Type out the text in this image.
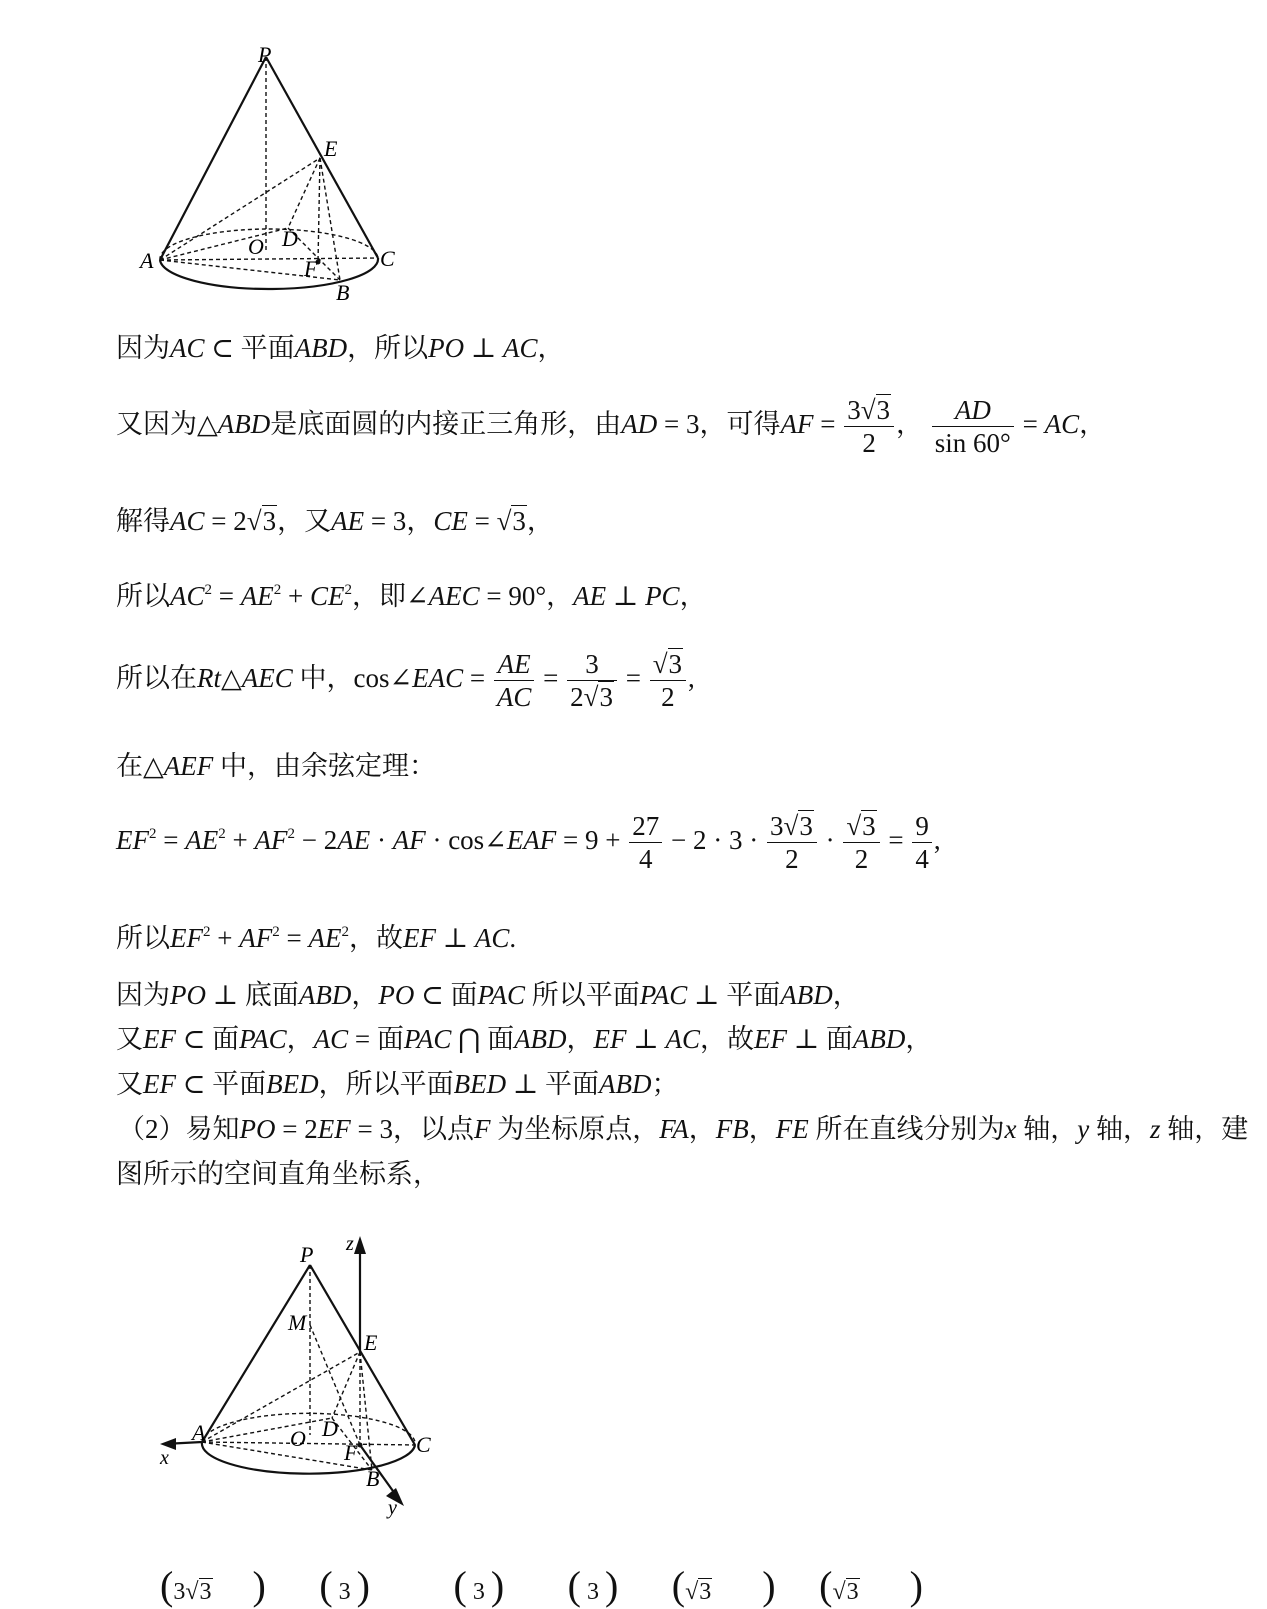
P
E
A
O D
C
F
B
因为AC ⊂ 平面ABD，所以PO ⊥ AC，
又因为△ABD是底面圆的内接正三角形，由AD = 3，可得AF = $\frac{3√3}{2}$ ， $\frac{AD}{\sin 60^\circ}$ = AC，
解得AC = 2√3，又AE = 3，CE = √3，
所以$AC^2 = AE^2 + CE^2$，即∠AEC = 90°，AE ⊥ PC，
所以在Rt△AEC 中，cos∠EAC = $\frac{AE}{AC} = \frac{3}{2√3} = \frac{√3}{2}$ ,
在△AEF 中，由余弦定理：
$EF^2 = AE^2 + AF^2 - 2AE$ · AF · cos∠EAF = $9 + \frac{27}{4} - 2 \cdot 3 \cdot \frac{3√3}{2} \cdot \frac{√3}{2} = \frac{9}{4}$ ,
所以$EF^2 + AF^2 = AE^2$，故EF ⊥ AC.
因为PO ⊥ 底面ABD，PO ⊂ 面PAC 所以平面PAC ⊥ 平面ABD，
又EF ⊂ 面PAC，AC = 面PAC ⋂ 面ABD，EF ⊥ AC，故EF ⊥ 面ABD，
又EF ⊂ 平面BED，所以平面BED ⊥ 平面ABD；
（2）易知PO = 2EF = 3，以点F 为坐标原点，FA，FB，FE 所在直线分别为x 轴，y 轴，z 轴，建
图所示的空间直角坐标系，
z
P
M
E
A
x
O D
C
F
B
y
(3√3 ) ( 3 ) ( 3 ) ( 3 ) (√3 ) (√3 )
